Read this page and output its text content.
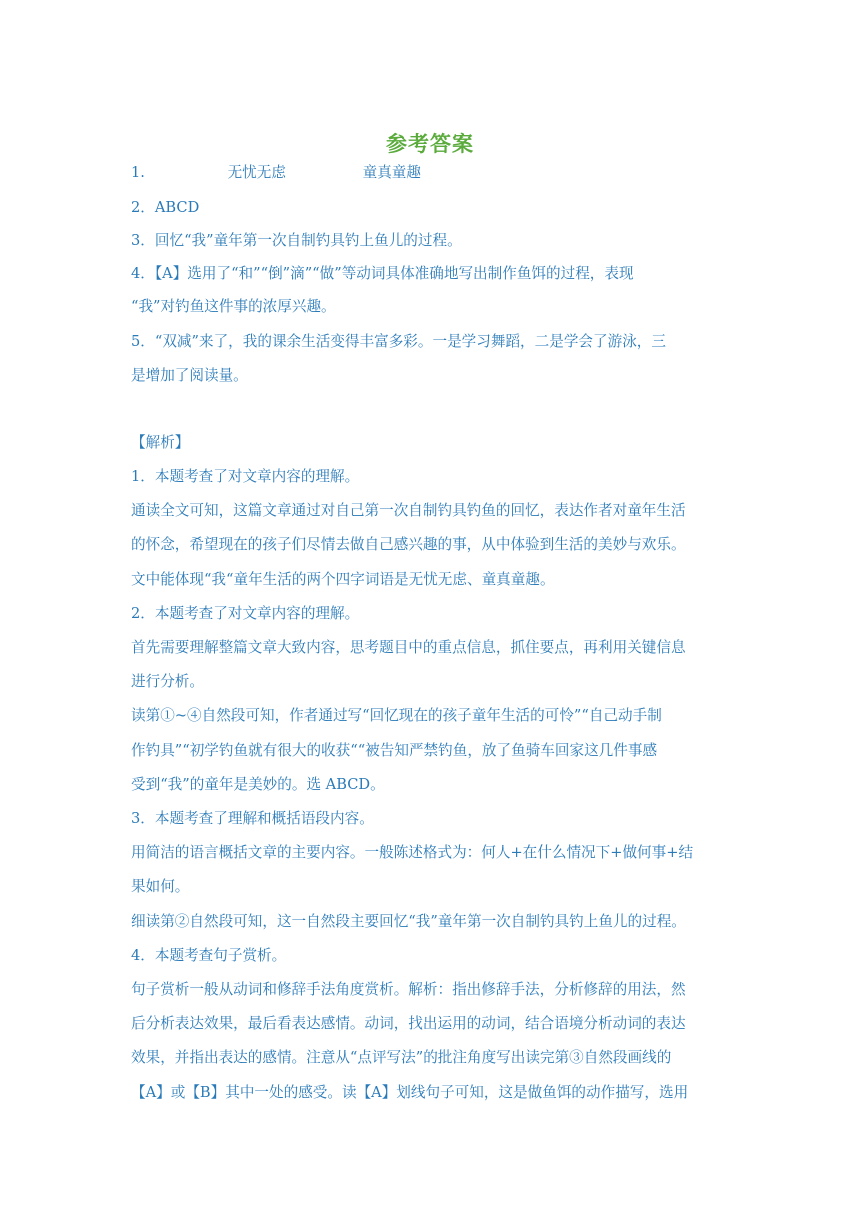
参考答案
1.	无忧无虑	童真童趣
2．ABCD
3．回忆“我”童年第一次自制钓具钓上鱼儿的过程。
4．【A】选用了“和”“倒”滴”“做”等动词具体准确地写出制作鱼饵的过程，表现
“我”对钓鱼这件事的浓厚兴趣。
5．“双减”来了，我的课余生活变得丰富多彩。一是学习舞蹈，二是学会了游泳，三
是增加了阅读量。
【解析】
1．本题考查了对文章内容的理解。
通读全文可知，这篇文章通过对自己第一次自制钓具钓鱼的回忆，表达作者对童年生活
的怀念，希望现在的孩子们尽情去做自己感兴趣的事，从中体验到生活的美妙与欢乐。
文中能体现“我“童年生活的两个四字词语是无忧无虑、童真童趣。
2．本题考查了对文章内容的理解。
首先需要理解整篇文章大致内容，思考题目中的重点信息，抓住要点，再利用关键信息
进行分析。
读第①~④自然段可知，作者通过写“回忆现在的孩子童年生活的可怜”“自己动手制
作钓具”“初学钓鱼就有很大的收获““被告知严禁钓鱼，放了鱼骑车回家这几件事感
受到“我”的童年是美妙的。选 ABCD。
3．本题考查了理解和概括语段内容。
用简洁的语言概括文章的主要内容。一般陈述格式为：何人+在什么情况下+做何事+结
果如何。
细读第②自然段可知，这一自然段主要回忆“我”童年第一次自制钓具钓上鱼儿的过程。
4．本题考查句子赏析。
句子赏析一般从动词和修辞手法角度赏析。解析：指出修辞手法，分析修辞的用法，然
后分析表达效果，最后看表达感情。动词，找出运用的动词，结合语境分析动词的表达
效果，并指出表达的感情。注意从“点评写法”的批注角度写出读完第③自然段画线的
【A】或【B】其中一处的感受。读【A】划线句子可知，这是做鱼饵的动作描写，选用
